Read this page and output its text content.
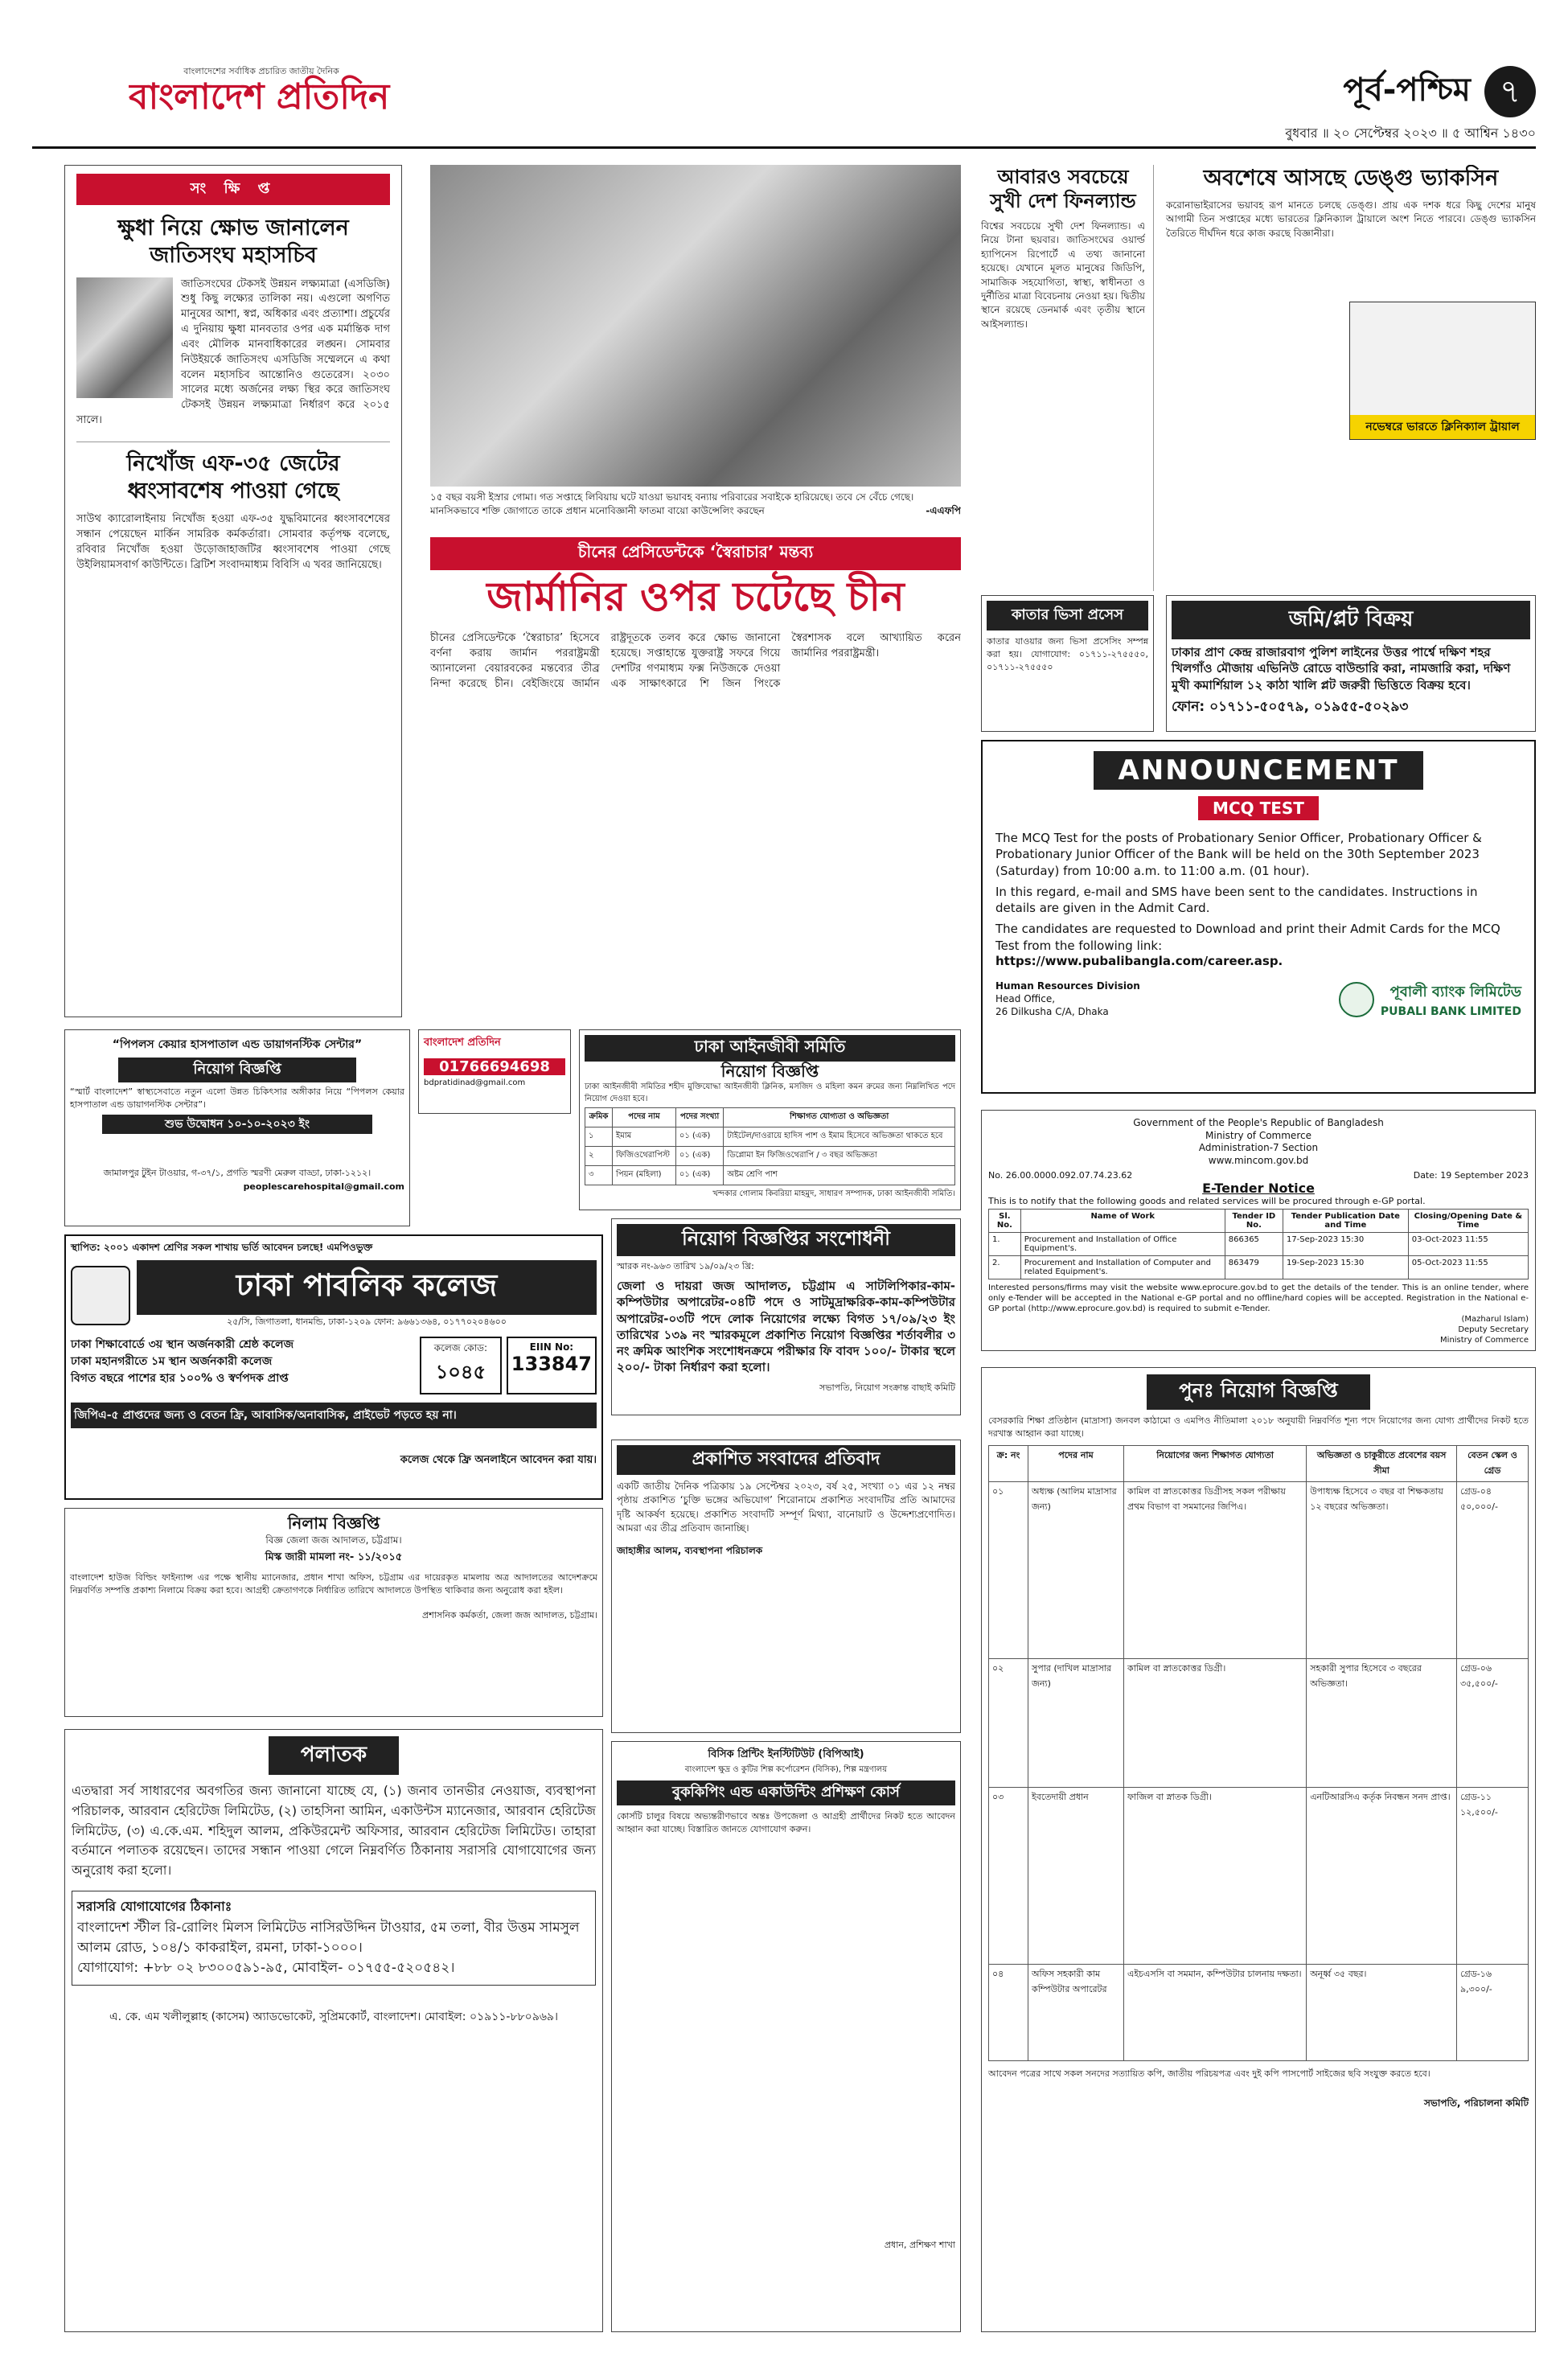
বাংলাদেশের সর্বাধিক প্রচারিত জাতীয় দৈনিক
বাংলাদেশ প্রতিদিন	পূর্ব-পশ্চিম ৭
বুধবার ॥ ২০ সেপ্টেম্বর ২০২৩ ॥ ৫ আশ্বিন ১৪৩০
সং ক্ষি প্ত
ক্ষুধা নিয়ে ক্ষোভ জানালেন জাতিসংঘ মহাসচিব
জাতিসংঘের টেকসই উন্নয়ন লক্ষ্যমাত্রা (এসডিজি) শুধু কিছু লক্ষ্যের তালিকা নয়। এগুলো অগণিত মানুষের আশা, স্বপ্ন, অধিকার এবং প্রত্যাশা। প্রচুর্যের এ দুনিয়ায় ক্ষুধা মানবতার ওপর এক মর্মান্তিক দাগ এবং মৌলিক মানবাধিকারের লঙ্ঘন। সোমবার নিউইয়র্কে জাতিসংঘ এসডিজি সম্মেলনে এ কথা বলেন মহাসচিব আন্তোনিও গুতেরেস। ২০৩০ সালের মধ্যে অর্জনের লক্ষ্য স্থির করে জাতিসংঘ টেকসই উন্নয়ন লক্ষ্যমাত্রা নির্ধারণ করে ২০১৫ সালে।
নিখোঁজ এফ-৩৫ জেটের ধ্বংসাবশেষ পাওয়া গেছে
সাউথ ক্যারোলাইনায় নিখোঁজ হওয়া এফ-৩৫ যুদ্ধবিমানের ধ্বংসাবশেষের সন্ধান পেয়েছেন মার্কিন সামরিক কর্মকর্তারা। সোমবার কর্তৃপক্ষ বলেছে, রবিবার নিখোঁজ হওয়া উড়োজাহাজটির ধ্বংসাবশেষ পাওয়া গেছে উইলিয়ামসবার্গ কাউন্টিতে। ব্রিটিশ সংবাদমাধ্যম বিবিসি এ খবর জানিয়েছে।
১৫ বছর বয়সী ইস্রার গোমা। গত সপ্তাহে লিবিয়ায় ঘটে যাওয়া ভয়াবহ বন্যায় পরিবারের সবাইকে হারিয়েছে। তবে সে বেঁচে গেছে। মানসিকভাবে শক্তি জোগাতে তাকে প্রধান মনোবিজ্ঞানী ফাতমা বায়ো কাউন্সেলিং করছেন	-এএফপি
চীনের প্রেসিডেন্টকে ‘স্বৈরাচার’ মন্তব্য
জার্মানির ওপর চটেছে চীন
চীনের প্রেসিডেন্টকে ‘স্বৈরাচার’ হিসেবে বর্ণনা করায় জার্মান পররাষ্ট্রমন্ত্রী অ্যানালেনা বেয়ারবকের মন্তব্যের তীব্র নিন্দা করেছে চীন। বেইজিংয়ে জার্মান রাষ্ট্রদূতকে তলব করে ক্ষোভ জানানো হয়েছে। সপ্তাহান্তে যুক্তরাষ্ট্র সফরে গিয়ে দেশটির গণমাধ্যম ফক্স নিউজকে দেওয়া এক সাক্ষাৎকারে শি জিন পিংকে স্বৈরশাসক বলে আখ্যায়িত করেন জার্মানির পররাষ্ট্রমন্ত্রী।
আবারও সবচেয়ে সুখী দেশ ফিনল্যান্ড
বিশ্বের সবচেয়ে সুখী দেশ ফিনল্যান্ড। এ নিয়ে টানা ছয়বার। জাতিসংঘের ওয়ার্ল্ড হ্যাপিনেস রিপোর্টে এ তথ্য জানানো হয়েছে। যেখানে মূলত মানুষের জিডিপি, সামাজিক সহযোগিতা, স্বাস্থ্য, স্বাধীনতা ও দুর্নীতির মাত্রা বিবেচনায় নেওয়া হয়। দ্বিতীয় স্থানে রয়েছে ডেনমার্ক এবং তৃতীয় স্থানে আইসল্যান্ড।
অবশেষে আসছে ডেঙ্গু ভ্যাকসিন
করোনাভাইরাসের ভয়াবহ রূপ মানতে চলছে ডেঙ্গু। প্রায় এক দশক ধরে কিছু দেশের মানুষ আগামী তিন সপ্তাহের মধ্যে ভারতের ক্লিনিক্যাল ট্রায়ালে অংশ নিতে পারবে। ডেঙ্গু ভ্যাকসিন তৈরিতে দীর্ঘদিন ধরে কাজ করছে বিজ্ঞানীরা।
নভেম্বরে ভারতে ক্লিনিক্যাল ট্রায়াল
কাতার ভিসা প্রসেস
কাতার যাওয়ার জন্য ভিসা প্রসেসিং সম্পন্ন করা হয়। যোগাযোগ: ০১৭১১-২৭৫৫৫০, ০১৭১১-২৭৫৫৫০
জমি/প্লট বিক্রয়
ঢাকার প্রাণ কেন্দ্র রাজারবাগ পুলিশ লাইনের উত্তর পার্শ্বে দক্ষিণ শহর খিলগাঁও মৌজায় এভিনিউ রোডে বাউন্ডারি করা, নামজারি করা, দক্ষিণ মুখী কমার্শিয়াল ১২ কাঠা খালি প্লট জরুরী ভিত্তিতে বিক্রয় হবে।
ফোন: ০১৭১১-৫০৫৭৯, ০১৯৫৫-৫০২৯৩
ANNOUNCEMENT
MCQ TEST

The MCQ Test for the posts of Probationary Senior Officer, Probationary Officer & Probationary Junior Officer of the Bank will be held on the 30th September 2023 (Saturday) from 10:00 a.m. to 11:00 a.m. (01 hour).

In this regard, e-mail and SMS have been sent to the candidates. Instructions in details are given in the Admit Card.

The candidates are requested to Download and print their Admit Cards for the MCQ Test from the following link:

https://www.pubalibangla.com/career.asp.
Human Resources Division
Head Office,
26 Dilkusha C/A, Dhaka
পূবালী ব্যাংক লিমিটেড
PUBALI BANK LIMITED
“পিপলস কেয়ার হাসপাতাল এন্ড ডায়াগনস্টিক সেন্টার”
নিয়োগ বিজ্ঞপ্তি
“স্মার্ট বাংলাদেশ” স্বাস্থ্যসেবাতে নতুন এলো উন্নত চিকিৎসার অঙ্গীকার নিয়ে “পিপলস কেয়ার হাসপাতাল এন্ড ডায়াগনস্টিক সেন্টার”।
শুভ উদ্বোধন ১০-১০-২০২৩ ইং
জামালপুর টুইন টাওয়ার, গ-৩৭/১, প্রগতি স্মরণী মেরুল বাড্ডা, ঢাকা-১২১২।
peoplescarehospital@gmail.com
বাংলাদেশ প্রতিদিন
01766694698
bdpratidinad@gmail.com
ঢাকা আইনজীবী সমিতি
নিয়োগ বিজ্ঞপ্তি
ঢাকা আইনজীবী সমিতির শহীদ মুক্তিযোদ্ধা আইনজীবী ক্লিনিক, মসজিদ ও মহিলা কমন রুমের জন্য নিম্নলিখিত পদে নিয়োগ দেওয়া হবে।
ক্রমিক	পদের নাম	পদের সংখ্যা	শিক্ষাগত যোগ্যতা ও অভিজ্ঞতা
১	ইমাম	০১ (এক)	টাইটেল/দাওরায়ে হাদিস পাশ ও ইমাম হিসেবে অভিজ্ঞতা থাকতে হবে
২	ফিজিওথেরাপিস্ট	০১ (এক)	ডিপ্লোমা ইন ফিজিওথেরাপি / ৩ বছর অভিজ্ঞতা
৩	পিয়ন (মহিলা)	০১ (এক)	অষ্টম শ্রেণি পাশ
খন্দকার গোলাম কিবরিয়া মাহমুদ, সাধারণ সম্পাদক, ঢাকা আইনজীবী সমিতি।
স্থাপিত: ২০০১ একাদশ শ্রেণির সকল শাখায় ভর্তি আবেদন চলছে! এমপিওভুক্ত
ঢাকা পাবলিক কলেজ
২৫/সি, জিগাতলা, ধানমন্ডি, ঢাকা-১২০৯ ফোন: ৯৬৬১৩৬৪, ০১৭৭০২০৪৬০০
ঢাকা শিক্ষাবোর্ডে ৩য় স্থান অর্জনকারী শ্রেষ্ঠ কলেজ
ঢাকা মহানগরীতে ১ম স্থান অর্জনকারী কলেজ
বিগত বছরে পাশের হার ১০০% ও স্বর্ণপদক প্রাপ্ত
কলেজ কোড:
১০৪৫
EIIN No:
133847
জিপিএ-৫ প্রাপ্তদের জন্য ও বেতন ফ্রি, আবাসিক/অনাবাসিক, প্রাইভেট পড়তে হয় না।
কলেজ থেকে ফ্রি অনলাইনে আবেদন করা যায়।
নিয়োগ বিজ্ঞপ্তির সংশোধনী
স্মারক নং-৯৬৩ তারিখ ১৯/০৯/২৩ খ্রি:
জেলা ও দায়রা জজ আদালত, চট্টগ্রাম এ সাটলিপিকার-কাম-কম্পিউটার অপারেটর-০৪টি পদে ও সাটমুদ্রাক্ষরিক-কাম-কম্পিউটার অপারেটর-০৩টি পদে লোক নিয়োগের লক্ষ্যে বিগত ১৭/০৯/২৩ ইং তারিখের ১৩৯ নং স্মারকমূলে প্রকাশিত নিয়োগ বিজ্ঞপ্তির শর্তাবলীর ৩ নং ক্রমিক আংশিক সংশোধনক্রমে পরীক্ষার ফি বাবদ ১০০/- টাকার স্থলে ২০০/- টাকা নির্ধারণ করা হলো।
সভাপতি, নিয়োগ সংক্রান্ত বাছাই কমিটি
প্রকাশিত সংবাদের প্রতিবাদ
একটি জাতীয় দৈনিক পত্রিকায় ১৯ সেপ্টেম্বর ২০২৩, বর্ষ ২৫, সংখ্যা ০১ এর ১২ নম্বর পৃষ্ঠায় প্রকাশিত ‘চুক্তি ভঙ্গের অভিযোগ’ শিরোনামে প্রকাশিত সংবাদটির প্রতি আমাদের দৃষ্টি আকর্ষণ হয়েছে। প্রকাশিত সংবাদটি সম্পূর্ণ মিথ্যা, বানোয়াট ও উদ্দেশ্যপ্রণোদিত। আমরা এর তীব্র প্রতিবাদ জানাচ্ছি।
জাহাঙ্গীর আলম, ব্যবস্থাপনা পরিচালক
Government of the People's Republic of Bangladesh
Ministry of Commerce
Administration-7 Section
www.mincom.gov.bd
No. 26.00.0000.092.07.74.23.62	Date: 19 September 2023
E-Tender Notice
This is to notify that the following goods and related services will be procured through e-GP portal.
Sl. No.	Name of Work	Tender ID No.	Tender Publication Date and Time	Closing/Opening Date & Time
1.	Procurement and Installation of Office Equipment's.	866365	17-Sep-2023 15:30	03-Oct-2023 11:55
2.	Procurement and Installation of Computer and related Equipment's.	863479	19-Sep-2023 15:30	05-Oct-2023 11:55
Interested persons/firms may visit the website www.eprocure.gov.bd to get the details of the tender. This is an online tender, where only e-Tender will be accepted in the National e-GP portal and no offline/hard copies will be accepted. Registration in the National e-GP portal (http://www.eprocure.gov.bd) is required to submit e-Tender.
(Mazharul Islam)
Deputy Secretary
Ministry of Commerce
নিলাম বিজ্ঞপ্তি
বিজ্ঞ জেলা জজ আদালত, চট্টগ্রাম।
মিস্ক জারী মামলা নং- ১১/২০১৫
বাংলাদেশ হাউজ বিল্ডিং ফাইন্যান্স এর পক্ষে স্থানীয় ম্যানেজার, প্রধান শাখা অফিস, চট্টগ্রাম এর দায়েরকৃত মামলায় অত্র আদালতের আদেশক্রমে নিম্নবর্ণিত সম্পত্তি প্রকাশ্য নিলামে বিক্রয় করা হবে। আগ্রহী ক্রেতাগণকে নির্ধারিত তারিখে আদালতে উপস্থিত থাকিবার জন্য অনুরোধ করা হইল।
প্রশাসনিক কর্মকর্তা, জেলা জজ আদালত, চট্টগ্রাম।
পলাতক
এতদ্বারা সর্ব সাধারণের অবগতির জন্য জানানো যাচ্ছে যে, (১) জনাব তানভীর নেওয়াজ, ব্যবস্থাপনা পরিচালক, আরবান হেরিটেজ লিমিটেড, (২) তাহসিনা আমিন, একাউন্টস ম্যানেজার, আরবান হেরিটেজ লিমিটেড, (৩) এ.কে.এম. শহিদুল আলম, প্রকিউরমেন্ট অফিসার, আরবান হেরিটেজ লিমিটেড। তাহারা বর্তমানে পলাতক রয়েছেন। তাদের সন্ধান পাওয়া গেলে নিম্নবর্ণিত ঠিকানায় সরাসরি যোগাযোগের জন্য অনুরোধ করা হলো।
সরাসরি যোগাযোগের ঠিকানাঃ
বাংলাদেশ স্টীল রি-রোলিং মিলস লিমিটেড নাসিরউদ্দিন টাওয়ার, ৫ম তলা, বীর উত্তম সামসুল আলম রোড, ১০৪/১ কাকরাইল, রমনা, ঢাকা-১০০০।
যোগাযোগ: +৮৮ ০২ ৮৩০০৫৯১-৯৫, মোবাইল- ০১৭৫৫-৫২০৫৪২।
এ. কে. এম খলীলুল্লাহ (কাসেম) অ্যাডভোকেট, সুপ্রিমকোর্ট, বাংলাদেশ। মোবাইল: ০১৯১১-৮৮০৯৬৯।
বিসিক প্রিন্টিং ইনস্টিটিউট (বিপিআই)
বাংলাদেশ ক্ষুদ্র ও কুটির শিল্প কর্পোরেশন (বিসিক), শিল্প মন্ত্রণালয়
বুককিপিং এন্ড একাউন্টিং প্রশিক্ষণ কোর্স
কোর্সটি চালুর বিষয়ে অভ্যন্তরীণভাবে অন্তঃ উপজেলা ও আগ্রহী প্রার্থীদের নিকট হতে আবেদন আহ্বান করা যাচ্ছে। বিস্তারিত জানতে যোগাযোগ করুন।
প্রধান, প্রশিক্ষণ শাখা
পুনঃ নিয়োগ বিজ্ঞপ্তি
বেসরকারি শিক্ষা প্রতিষ্ঠান (মাদ্রাসা) জনবল কাঠামো ও এমপিও নীতিমালা ২০১৮ অনুযায়ী নিম্নবর্ণিত শূন্য পদে নিয়োগের জন্য যোগ্য প্রার্থীদের নিকট হতে দরখাস্ত আহ্বান করা যাচ্ছে।
ক্র: নং	পদের নাম	নিয়োগের জন্য শিক্ষাগত যোগ্যতা	অভিজ্ঞতা ও চাকুরীতে প্রবেশের বয়স সীমা	বেতন স্কেল ও গ্রেড
০১	অধ্যক্ষ (আলিম মাদ্রাসার জন্য)	কামিল বা স্নাতকোত্তর ডিগ্রীসহ সকল পরীক্ষায় প্রথম বিভাগ বা সমমানের জিপিএ।	উপাধ্যক্ষ হিসেবে ৩ বছর বা শিক্ষকতায় ১২ বছরের অভিজ্ঞতা।	গ্রেড-০৪ ৫০,০০০/-
০২	সুপার (দাখিল মাদ্রাসার জন্য)	কামিল বা স্নাতকোত্তর ডিগ্রী।	সহকারী সুপার হিসেবে ৩ বছরের অভিজ্ঞতা।	গ্রেড-০৬ ৩৫,৫০০/-
০৩	ইবতেদায়ী প্রধান	ফাজিল বা স্নাতক ডিগ্রী।	এনটিআরসিএ কর্তৃক নিবন্ধন সনদ প্রাপ্ত।	গ্রেড-১১ ১২,৫০০/-
০৪	অফিস সহকারী কাম কম্পিউটার অপারেটর	এইচএসসি বা সমমান, কম্পিউটার চালনায় দক্ষতা।	অনূর্ধ্ব ৩৫ বছর।	গ্রেড-১৬ ৯,৩০০/-
আবেদন পত্রের সাথে সকল সনদের সত্যায়িত কপি, জাতীয় পরিচয়পত্র এবং দুই কপি পাসপোর্ট সাইজের ছবি সংযুক্ত করতে হবে।
সভাপতি, পরিচালনা কমিটি
